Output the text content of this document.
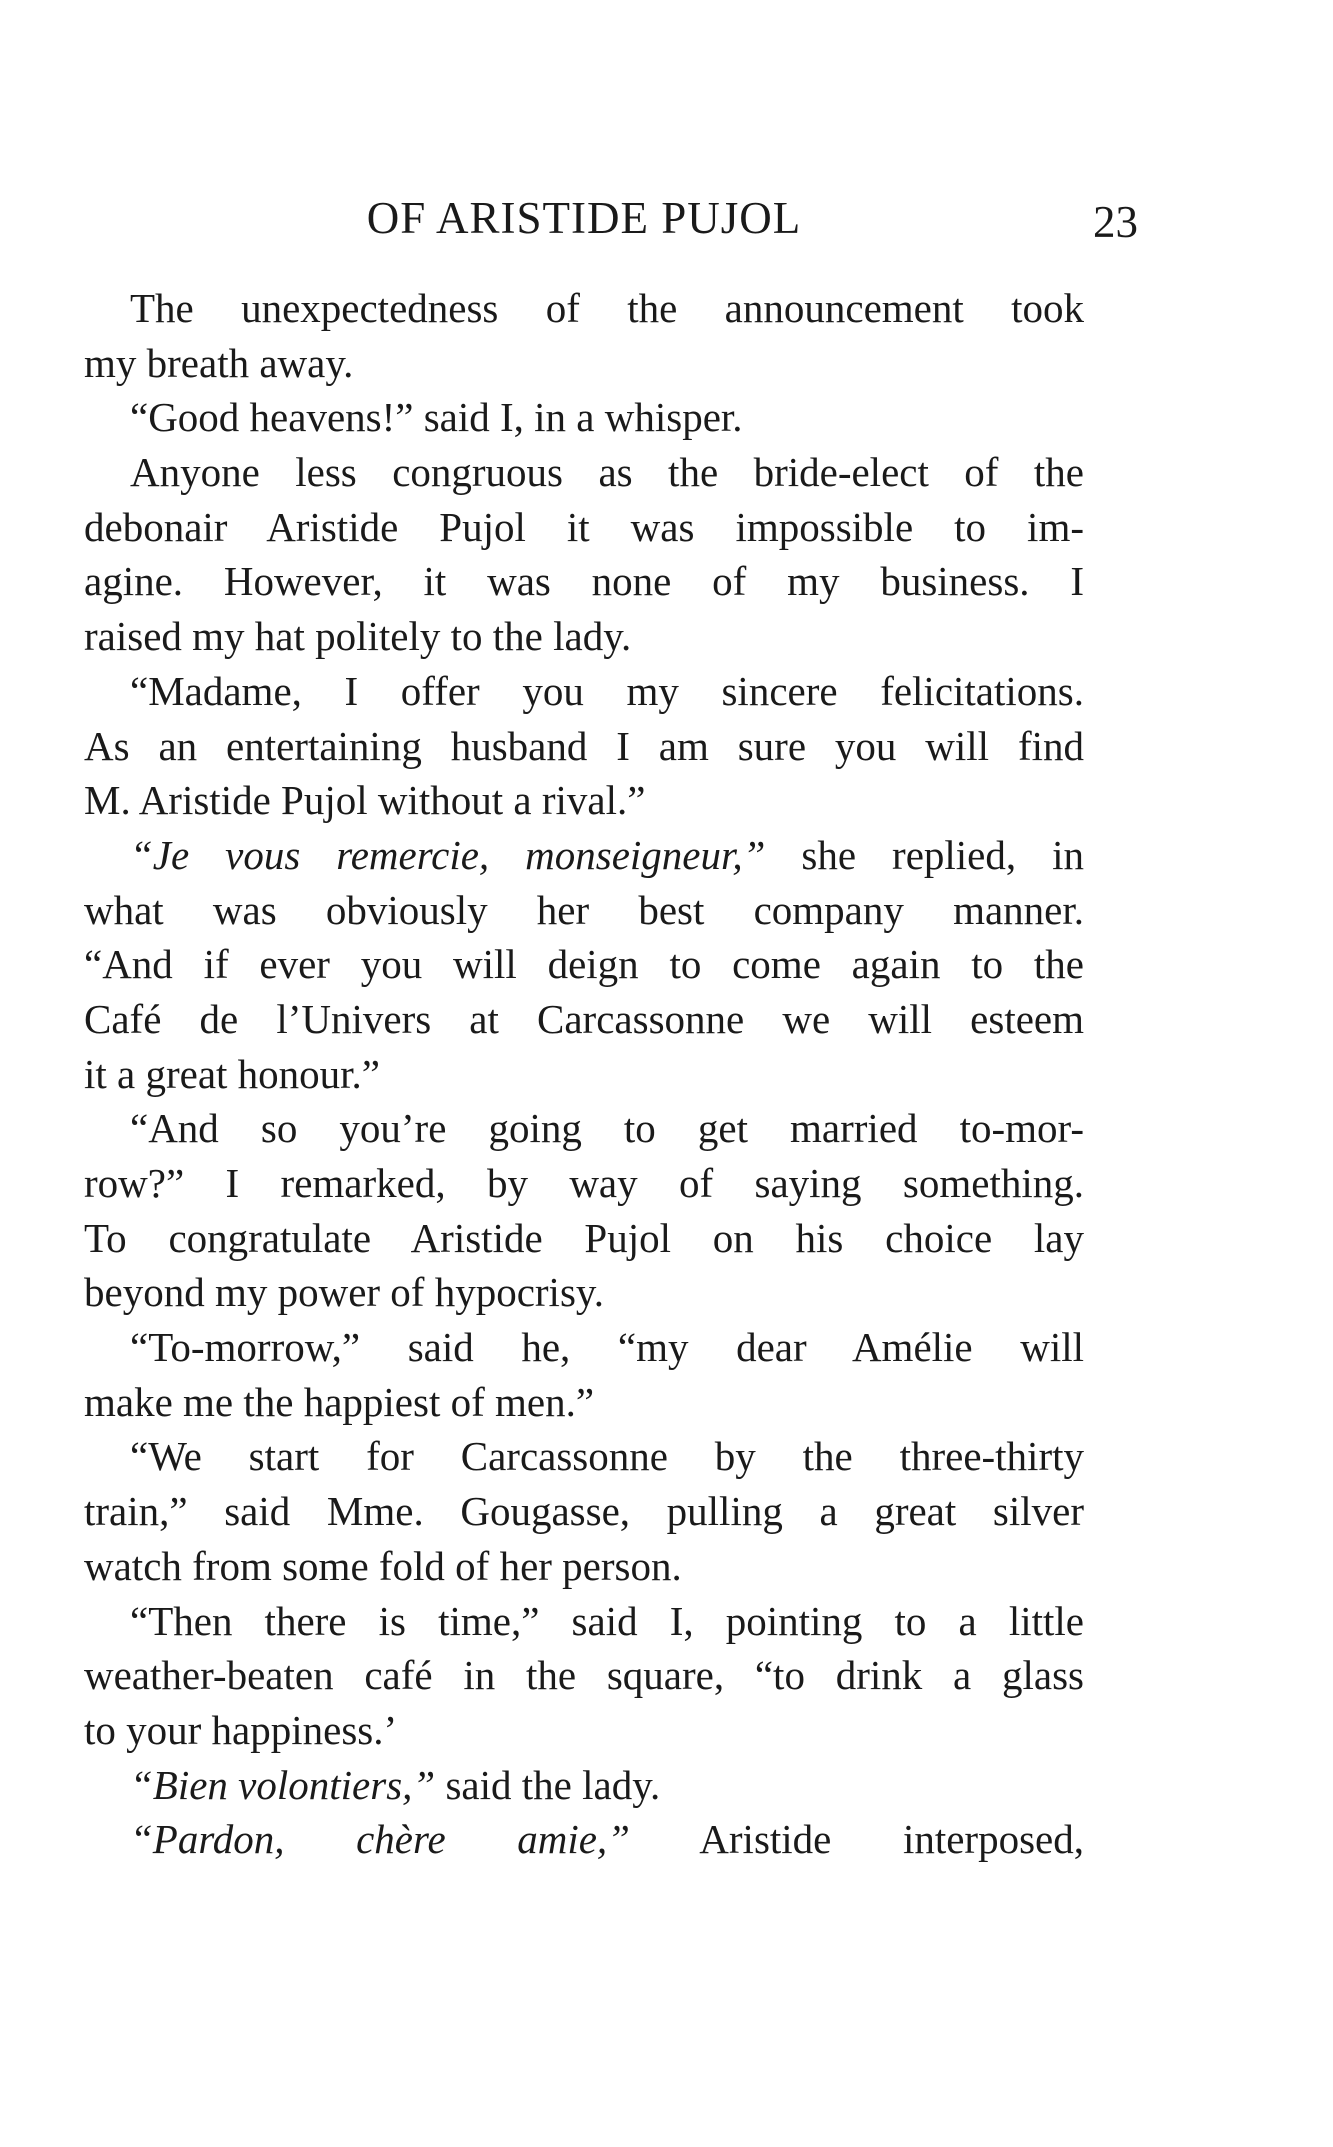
OF ARISTIDE PUJOL	23
The unexpectedness of the announcement took
my breath away.
“Good heavens!” said I, in a whisper.
Anyone less congruous as the bride-elect of the
debonair Aristide Pujol it was impossible to im-
agine. However, it was none of my business. I
raised my hat politely to the lady.
“Madame, I offer you my sincere felicitations.
As an entertaining husband I am sure you will find
M. Aristide Pujol without a rival.”
“Je vous remercie, monseigneur,” she replied, in
what was obviously her best company manner.
“And if ever you will deign to come again to the
Café de l’Univers at Carcassonne we will esteem
it a great honour.”
“And so you’re going to get married to-mor-
row?” I remarked, by way of saying something.
To congratulate Aristide Pujol on his choice lay
beyond my power of hypocrisy.
“To-morrow,” said he, “my dear Amélie will
make me the happiest of men.”
“We start for Carcassonne by the three-thirty
train,” said Mme. Gougasse, pulling a great silver
watch from some fold of her person.
“Then there is time,” said I, pointing to a little
weather-beaten café in the square, “to drink a glass
to your happiness.’
“Bien volontiers,” said the lady.
“Pardon, chère amie,” Aristide interposed,
